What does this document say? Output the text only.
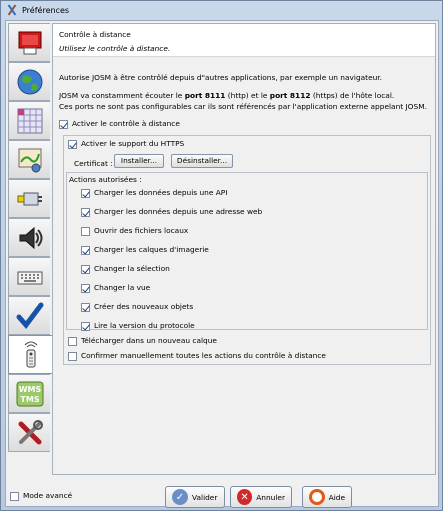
Préférences
WMS
TMS
Contrôle à distance
Utilisez le contrôle à distance.
Autorise JOSM à être contrôlé depuis d"autres applications, par exemple un navigateur.
JOSM va constamment écouter le port 8111 (http) et le port 8112 (https) de l'hôte local.
Ces ports ne sont pas configurables car ils sont référencés par l'application externe appelant JOSM.
Activer le contrôle à distance
Activer le support du HTTPS
Certificat :	Installer...	Désinstaller...
Actions autorisées :
Charger les données depuis une API
Charger les données depuis une adresse web
Ouvrir des fichiers locaux
Charger les calques d'imagerie
Changer la sélection
Changer la vue
Créer des nouveaux objets
Lire la version du protocole
Télécharger dans un nouveau calque
Confirmer manuellement toutes les actions du contrôle à distance
Mode avancé	✓	Valider	✕	Annuler	Aide
